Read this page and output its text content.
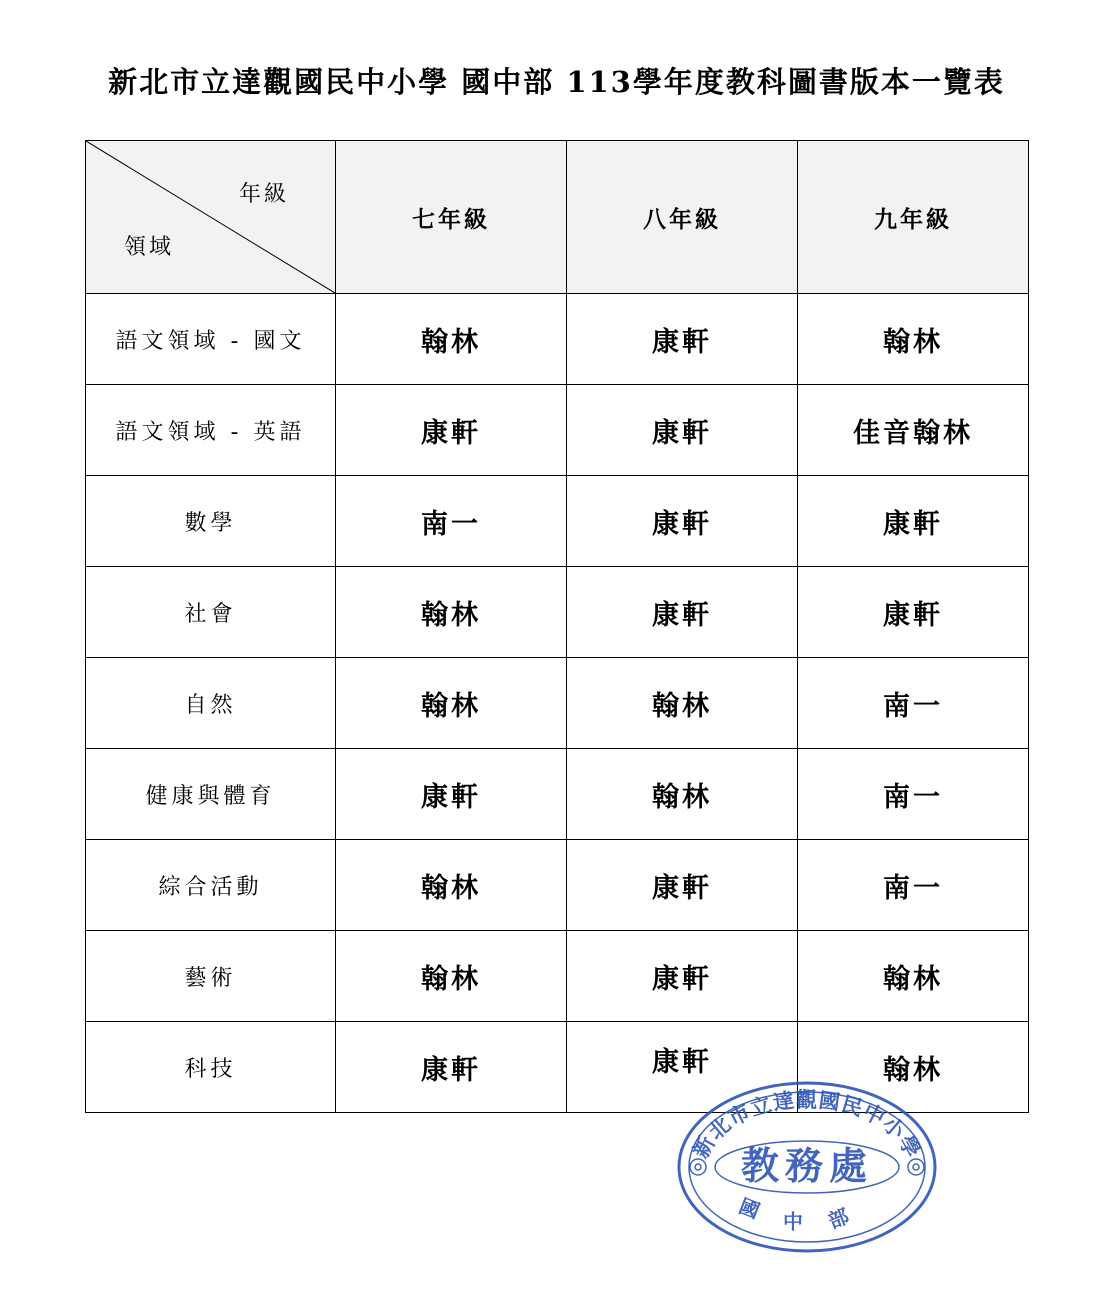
新北市立達觀國民中小學 國中部 113學年度教科圖書版本一覽表
年級
領域	七年級	八年級	九年級
語文領域 - 國文	翰林	康軒	翰林
語文領域 - 英語	康軒	康軒	佳音翰林
數學	南一	康軒	康軒
社會	翰林	康軒	康軒
自然	翰林	翰林	南一
健康與體育	康軒	翰林	南一
綜合活動	翰林	康軒	南一
藝術	翰林	康軒	翰林
科技	康軒	康軒	翰林
新北市立達觀國民中小學
教務處
國中部
